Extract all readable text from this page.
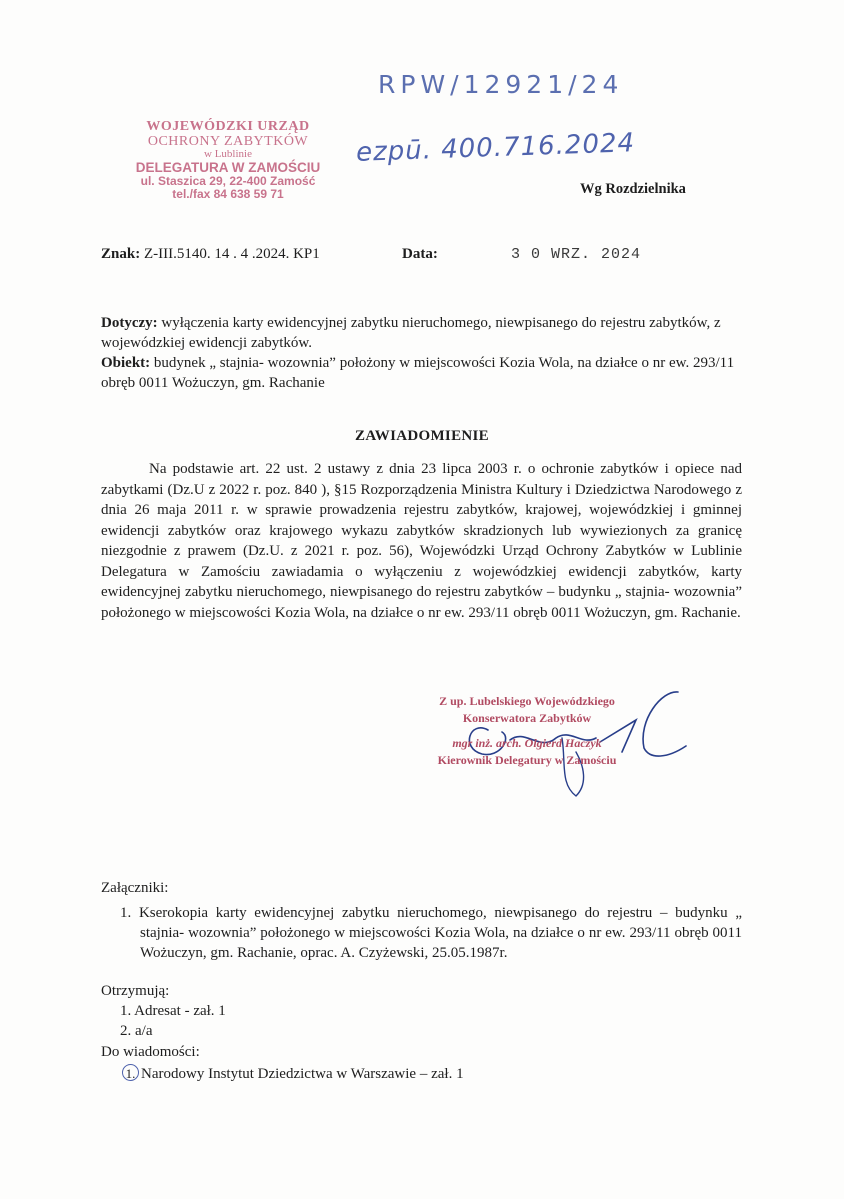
RPW/12921/24
WOJEWÓDZKI URZĄD
OCHRONY ZABYTKÓW
w Lublinie
DELEGATURA W ZAMOŚCIU
ul. Staszica 29, 22-400 Zamość
tel./fax 84 638 59 71
ezpū. 400.716.2024
Wg Rozdzielnika
Znak: Z-III.5140. 14 . 4 .2024. KP1	Data:	3 0 WRZ. 2024

Dotyczy: wyłączenia karty ewidencyjnej zabytku nieruchomego, niewpisanego do rejestru zabytków, z wojewódzkiej ewidencji zabytków.

Obiekt: budynek „ stajnia- wozownia” położony w miejscowości Kozia Wola, na działce o nr ew. 293/11 obręb 0011 Wożuczyn, gm. Rachanie

ZAWIADOMIENIE

Na podstawie art. 22 ust. 2 ustawy z dnia 23 lipca 2003 r. o ochronie zabytków i opiece nad zabytkami (Dz.U z 2022 r. poz. 840 ), §15 Rozporządzenia Ministra Kultury i Dziedzictwa Narodowego z dnia 26 maja 2011 r. w sprawie prowadzenia rejestru zabytków, krajowej, wojewódzkiej i gminnej ewidencji zabytków oraz krajowego wykazu zabytków skradzionych lub wywiezionych za granicę niezgodnie z prawem (Dz.U. z 2021 r. poz. 56), Wojewódzki Urząd Ochrony Zabytków w Lublinie Delegatura w Zamościu zawiadamia o wyłączeniu z wojewódzkiej ewidencji zabytków, karty ewidencyjnej zabytku nieruchomego, niewpisanego do rejestru zabytków – budynku „ stajnia- wozownia” położonego w miejscowości Kozia Wola, na działce o nr ew. 293/11 obręb 0011 Wożuczyn, gm. Rachanie.

Z up. Lubelskiego Wojewódzkiego
Konserwatora Zabytków
mgr inż. arch. Olgierd Haczyk
Kierownik Delegatury w Zamościu
Załączniki:
1. Kserokopia karty ewidencyjnej zabytku nieruchomego, niewpisanego do rejestru – budynku „ stajnia- wozownia” położonego w miejscowości Kozia Wola, na działce o nr ew. 293/11 obręb 0011 Wożuczyn, gm. Rachanie, oprac. A. Czyżewski, 25.05.1987r.
Otrzymują:
1. Adresat - zał. 1
2. a/a
Do wiadomości:
1. Narodowy Instytut Dziedzictwa w Warszawie – zał. 1
